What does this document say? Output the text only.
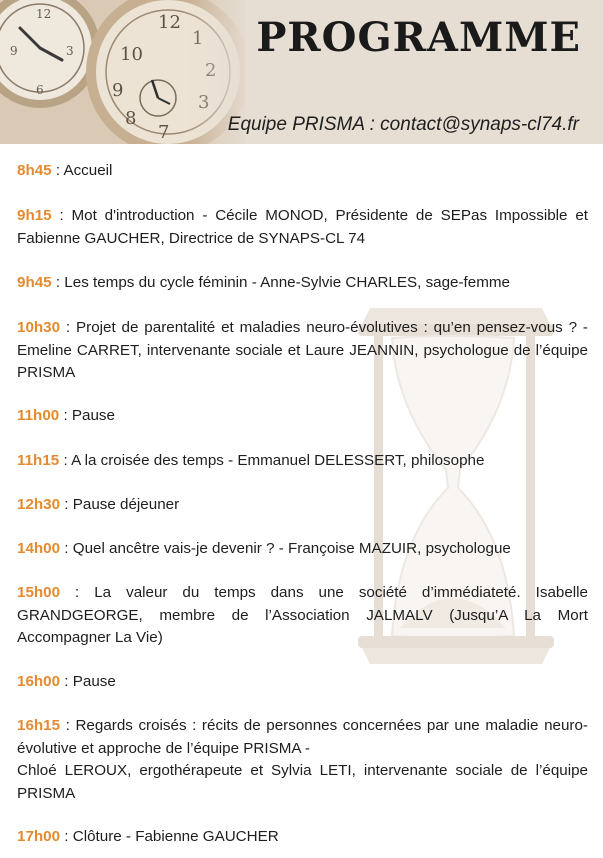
PROGRAMME
Equipe PRISMA : contact@synaps-cl74.fr
8h45 : Accueil
9h15 : Mot d'introduction - Cécile MONOD, Présidente de SEPas Impossible et Fabienne GAUCHER, Directrice de SYNAPS-CL 74
9h45 : Les temps du cycle féminin - Anne-Sylvie CHARLES, sage-femme
10h30 : Projet de parentalité et maladies neuro-évolutives : qu’en pensez-vous ? - Emeline CARRET, intervenante sociale et Laure JEANNIN, psychologue de l’équipe PRISMA
11h00 : Pause
11h15 : A la croisée des temps - Emmanuel DELESSERT, philosophe
12h30 : Pause déjeuner
14h00 : Quel ancêtre vais-je devenir ? - Françoise MAZUIR, psychologue
15h00 : La valeur du temps dans une société d’immédiateté. Isabelle GRANDGEORGE, membre de l’Association JALMALV (Jusqu’A La Mort Accompagner La Vie)
16h00 : Pause
16h15 : Regards croisés : récits de personnes concernées par une maladie neuro-évolutive et approche de l’équipe PRISMA -
Chloé LEROUX, ergothérapeute et Sylvia LETI, intervenante sociale de l’équipe PRISMA
17h00 : Clôture - Fabienne GAUCHER
